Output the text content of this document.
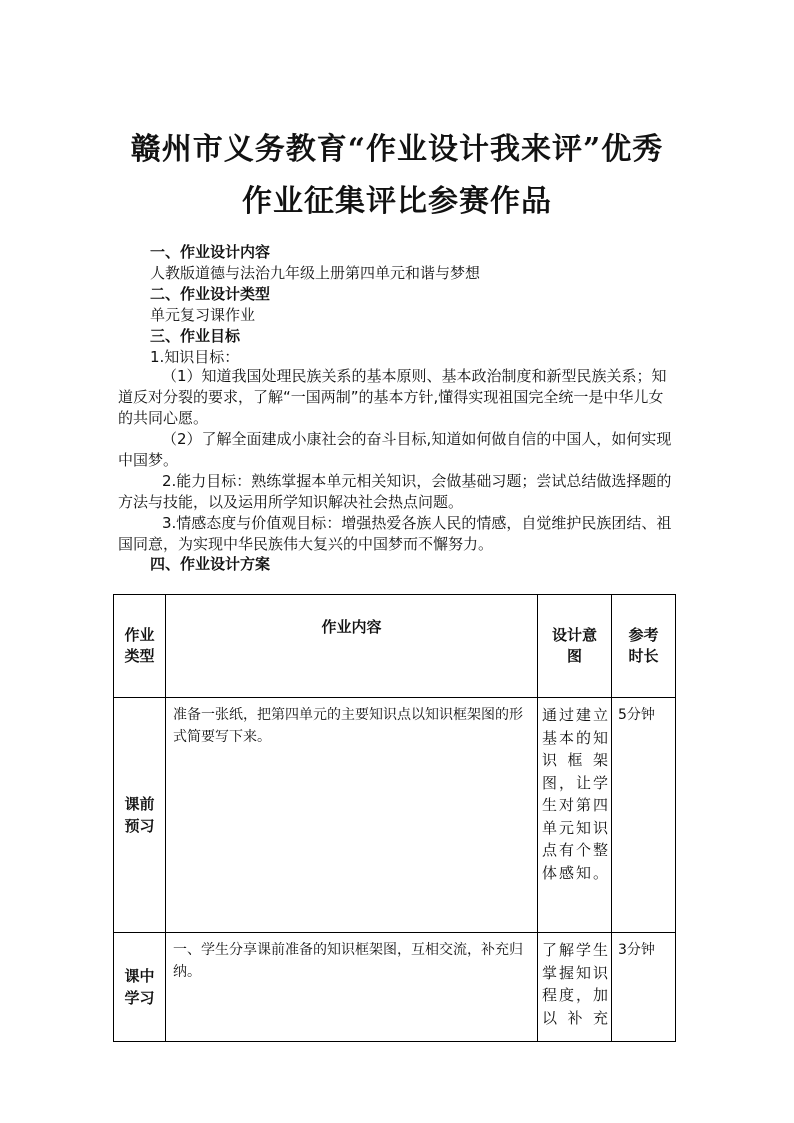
赣州市义务教育“作业设计我来评”优秀
作业征集评比参赛作品
一、作业设计内容
人教版道德与法治九年级上册第四单元和谐与梦想
二、作业设计类型
单元复习课作业
三、作业目标
1.知识目标：
（1）知道我国处理民族关系的基本原则、基本政治制度和新型民族关系；知道反对分裂的要求，了解“一国两制”的基本方针,懂得实现祖国完全统一是中华儿女的共同心愿。
（2）了解全面建成小康社会的奋斗目标,知道如何做自信的中国人，如何实现中国梦。
2.能力目标：熟练掌握本单元相关知识，会做基础习题；尝试总结做选择题的方法与技能，以及运用所学知识解决社会热点问题。
3.情感态度与价值观目标：增强热爱各族人民的情感，自觉维护民族团结、祖国同意，为实现中华民族伟大复兴的中国梦而不懈努力。
四、作业设计方案
作业类型	作业内容	设计意图	参考时长

课前预习	准备一张纸，把第四单元的主要知识点以知识框架图的形式简要写下来。	通过建立基本的知识框架图，让学生对第四单元知识点有个整体感知。	5分钟

课中学习	一、学生分享课前准备的知识框架图，互相交流，补充归纳。	了解学生掌握知识程度，加以补充	3分钟
